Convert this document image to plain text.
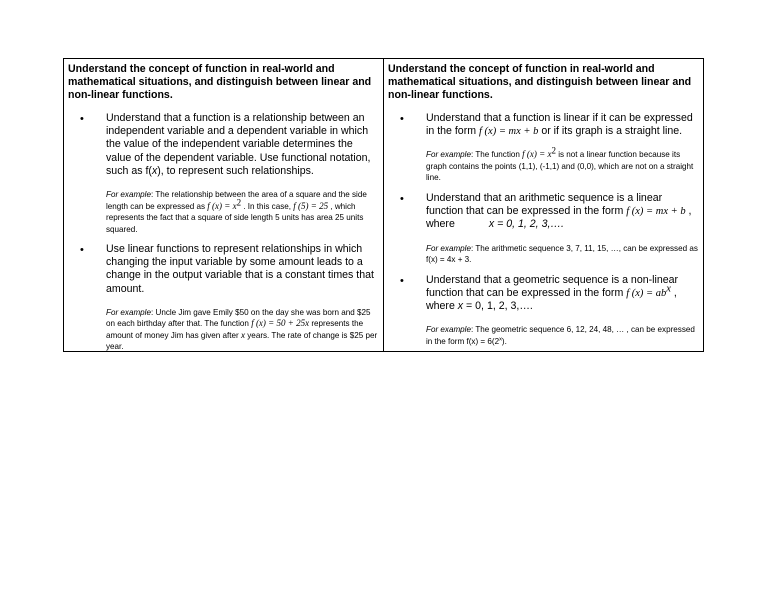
Understand the concept of function in real-world and mathematical situations, and distinguish between linear and non-linear functions.
• Understand that a function is a relationship between an independent variable and a dependent variable in which the value of the independent variable determines the value of the dependent variable. Use functional notation, such as f(x), to represent such relationships.
For example: The relationship between the area of a square and the side length can be expressed as f $(x) = x^2$ . In this case, f (5) = 25 , which represents the fact that a square of side length 5 units has area 25 units squared.
• Use linear functions to represent relationships in which changing the input variable by some amount leads to a change in the output variable that is a constant times that amount.
For example: Uncle Jim gave Emily $50 on the day she was born and $25 on each birthday after that. The function f (x) = 50 + 25x represents the amount of money Jim has given after x years. The rate of change is $25 per year.
Understand the concept of function in real-world and mathematical situations, and distinguish between linear and non-linear functions.
• Understand that a function is linear if it can be expressed in the form f (x) = mx + b or if its graph is a straight line.
For example: The function f $(x) = x^2$ is not a linear function because its graph contains the points (1,1), (-1,1) and (0,0), which are not on a straight line.
• Understand that an arithmetic sequence is a linear function that can be expressed in the form f (x) = mx + b ,
where	x = 0, 1, 2, 3,….
For example: The arithmetic sequence 3, 7, 11, 15, …, can be expressed as f(x) = 4x + 3.
• Understand that a geometric sequence is a non-linear function that can be expressed in the form f $(x) = ab^x$ ,
where x = 0, 1, 2, 3,….
For example: The geometric sequence 6, 12, 24, 48, … , can be expressed in the form $f(x) = 6(2^x)$.
